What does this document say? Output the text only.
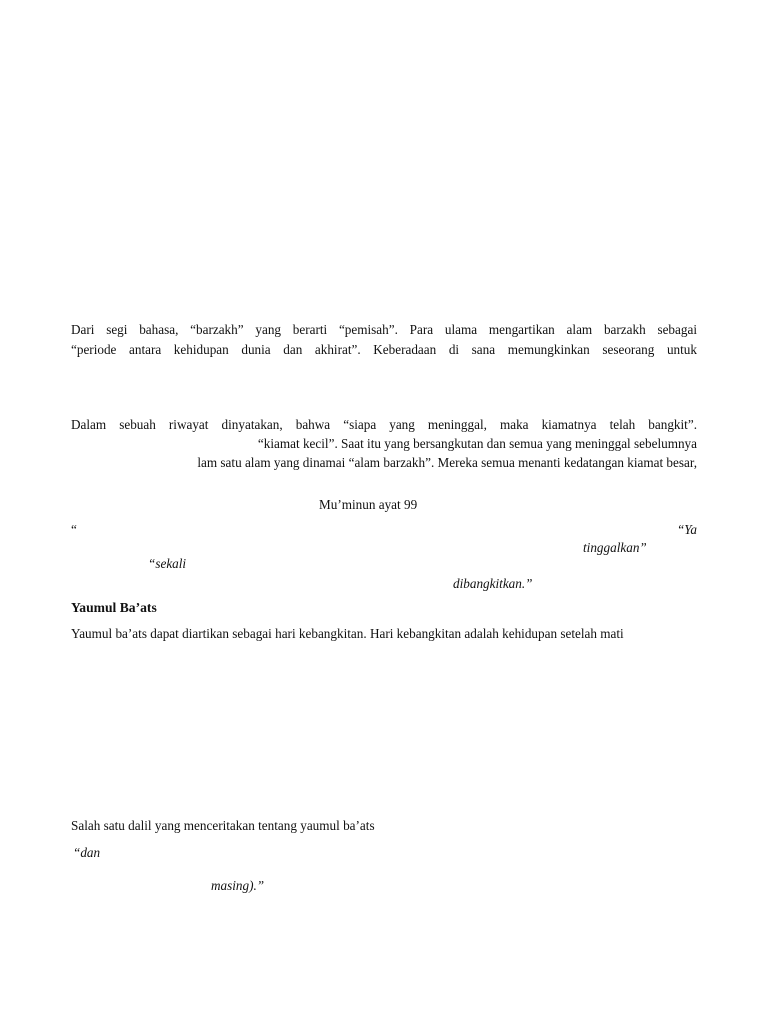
Dari segi bahasa, “barzakh” yang berarti “pemisah”. Para ulama mengartikan alam barzakh sebagai
“periode antara kehidupan dunia dan akhirat”. Keberadaan di sana memungkinkan seseorang untuk
Dalam sebuah riwayat dinyatakan, bahwa “siapa yang meninggal, maka kiamatnya telah bangkit”.
“kiamat kecil”. Saat itu yang bersangkutan dan semua yang meninggal sebelumnya
lam satu alam yang dinamai “alam barzakh”. Mereka semua menanti kedatangan kiamat besar,
Mu’minun ayat 99
“	“Ya
tinggalkan”
“sekali
dibangkitkan.”
Yaumul Ba’ats
Yaumul ba’ats dapat diartikan sebagai hari kebangkitan. Hari kebangkitan adalah kehidupan setelah mati
Salah satu dalil yang menceritakan tentang yaumul ba’ats
“dan
masing).”
